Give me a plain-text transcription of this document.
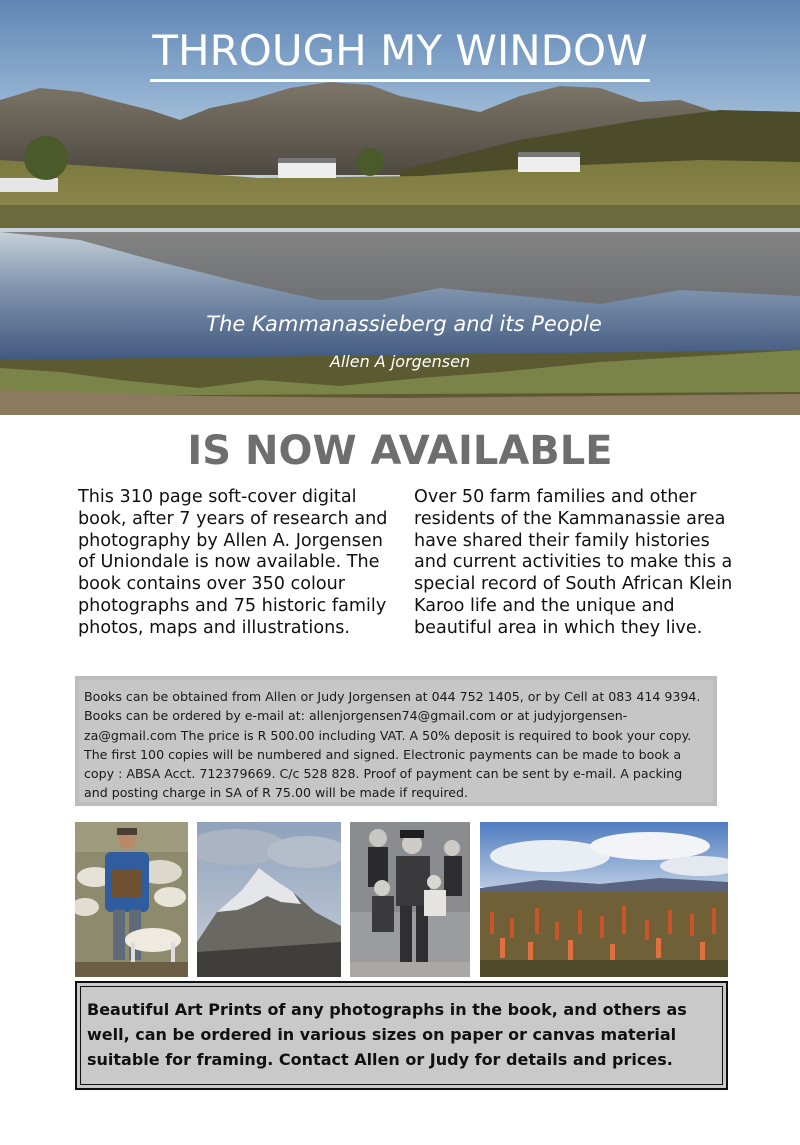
THROUGH MY WINDOW
The Kammanassieberg and its People
Allen A jorgensen
IS NOW AVAILABLE
This 310 page soft-cover digital book, after 7 years of research and photography by Allen A. Jorgensen of Uniondale is now available. The book contains over 350 colour photographs and 75 historic family photos, maps and illustrations.
Over 50 farm families and other residents of the Kammanassie area have shared their family histories and current activities to make this a special record of South African Klein Karoo life and the unique and beautiful area in which they live.
Books can be obtained from Allen or Judy Jorgensen at 044 752 1405, or by Cell at 083 414 9394. Books can be ordered by e-mail at: allenjorgensen74@gmail.com or at judyjorgensen-za@gmail.com The price is R 500.00 including VAT. A 50% deposit is required to book your copy. The first 100 copies will be numbered and signed. Electronic payments can be made to book a copy : ABSA Acct. 712379669. C/c 528 828. Proof of payment can be sent by e-mail. A packing and posting charge in SA of R 75.00 will be made if required.
Beautiful Art Prints of any photographs in the book, and others as well, can be ordered in various sizes on paper or canvas material suitable for framing. Contact Allen or Judy for details and prices.
